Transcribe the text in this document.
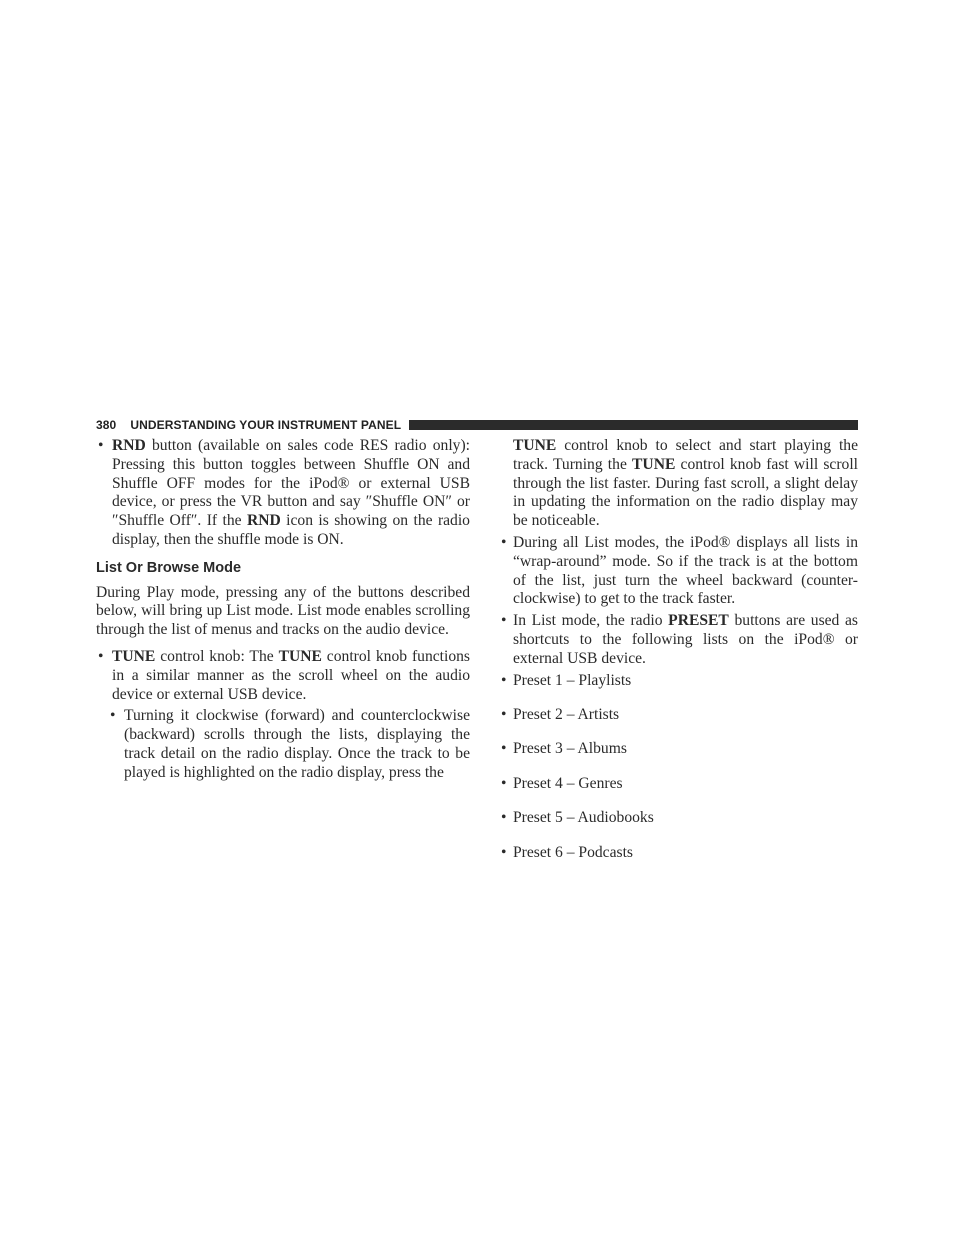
380 UNDERSTANDING YOUR INSTRUMENT PANEL

• RND button (available on sales code RES radio only): Pressing this button toggles between Shuffle ON and Shuffle OFF modes for the iPod® or external USB device, or press the VR button and say ″Shuffle ON″ or ″Shuffle Off″. If the RND icon is showing on the radio display, then the shuffle mode is ON.

List Or Browse Mode

During Play mode, pressing any of the buttons described below, will bring up List mode. List mode enables scrolling through the list of menus and tracks on the audio device.

• TUNE control knob: The TUNE control knob functions in a similar manner as the scroll wheel on the audio device or external USB device.

• Turning it clockwise (forward) and counterclockwise (backward) scrolls through the lists, displaying the track detail on the radio display. Once the track to be played is highlighted on the radio display, press the

TUNE control knob to select and start playing the track. Turning the TUNE control knob fast will scroll through the list faster. During fast scroll, a slight delay in updating the information on the radio display may be noticeable.

• During all List modes, the iPod® displays all lists in “wrap-around” mode. So if the track is at the bottom of the list, just turn the wheel backward (counter-clockwise) to get to the track faster.

• In List mode, the radio PRESET buttons are used as shortcuts to the following lists on the iPod® or external USB device.

• Preset 1 – Playlists

• Preset 2 – Artists

• Preset 3 – Albums

• Preset 4 – Genres

• Preset 5 – Audiobooks

• Preset 6 – Podcasts
